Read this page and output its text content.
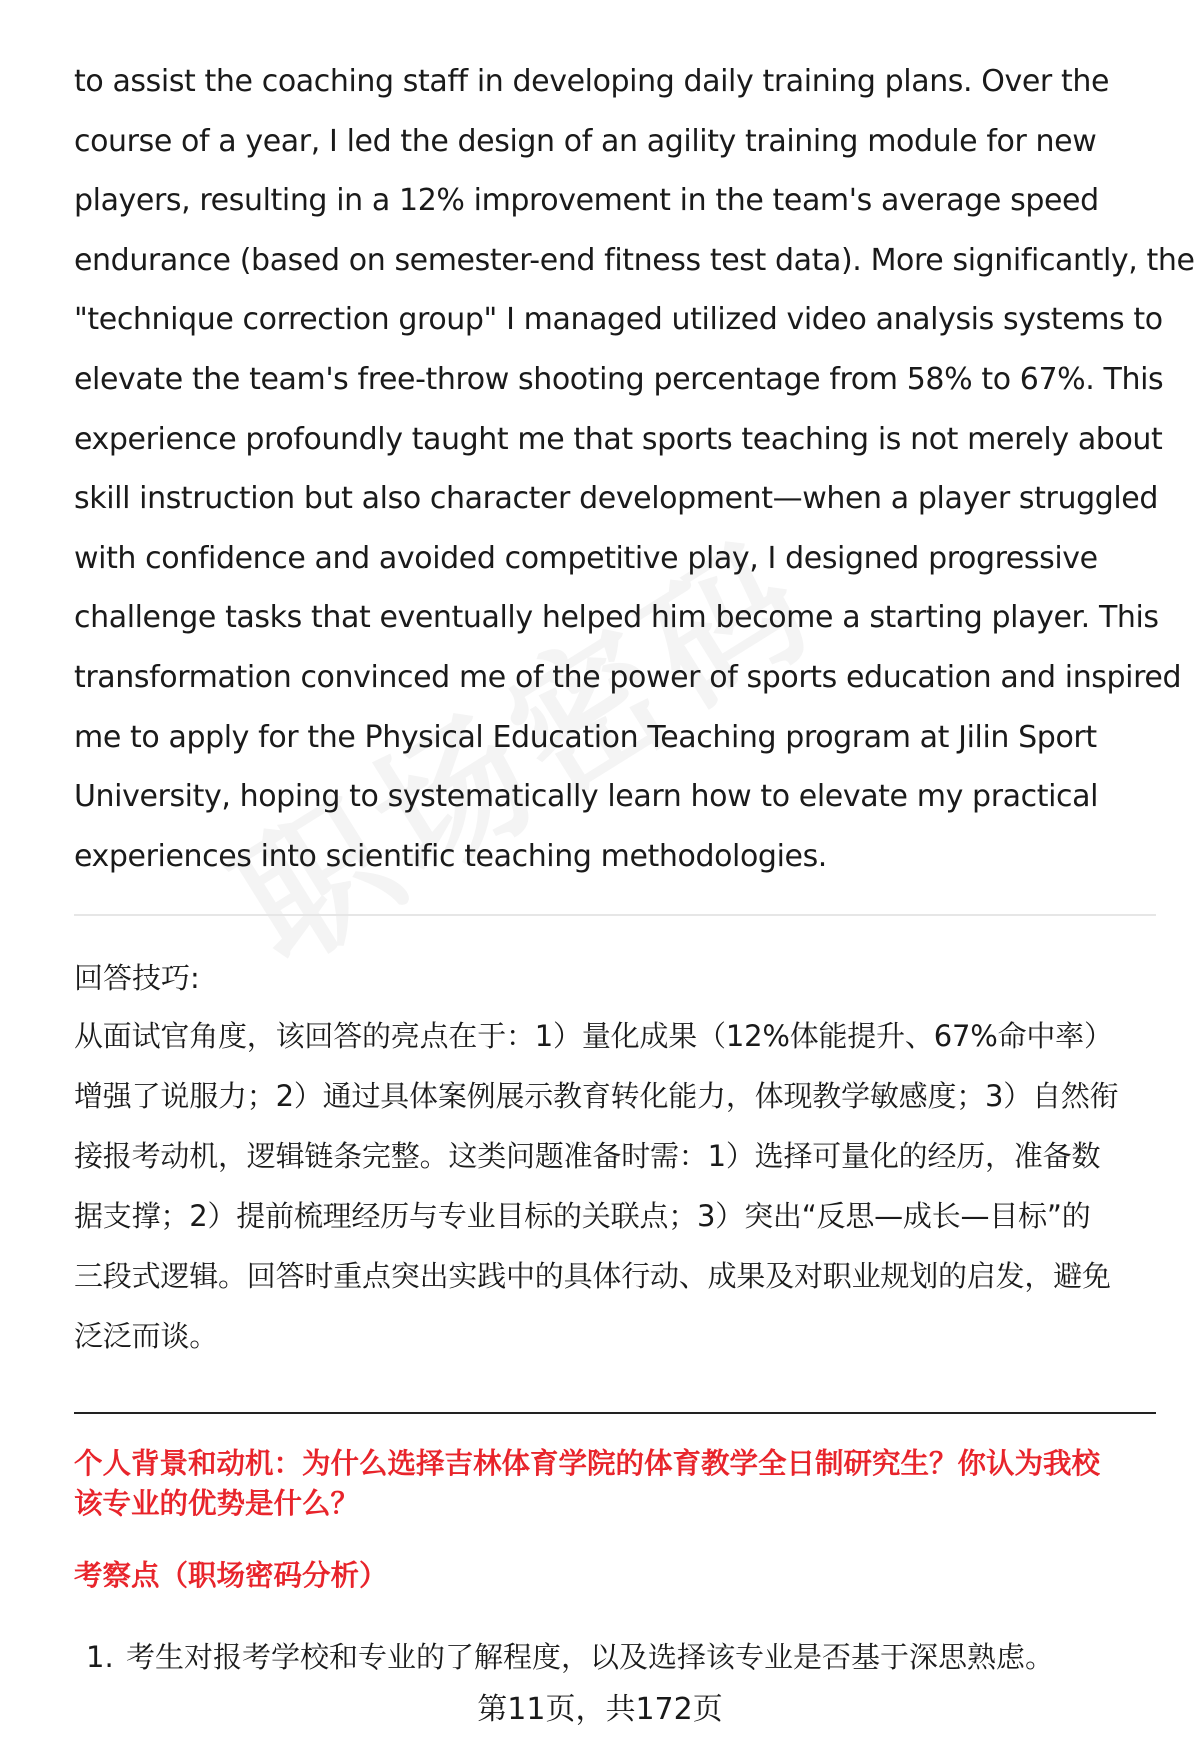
to assist the coaching staff in developing daily training plans. Over the
course of a year, I led the design of an agility training module for new
players, resulting in a 12% improvement in the team's average speed
endurance (based on semester-end fitness test data). More significantly, the
"technique correction group" I managed utilized video analysis systems to
elevate the team's free-throw shooting percentage from 58% to 67%. This
experience profoundly taught me that sports teaching is not merely about
skill instruction but also character development—when a player struggled
with confidence and avoided competitive play, I designed progressive
challenge tasks that eventually helped him become a starting player. This
transformation convinced me of the power of sports education and inspired
me to apply for the Physical Education Teaching program at Jilin Sport
University, hoping to systematically learn how to elevate my practical
experiences into scientific teaching methodologies.

回答技巧:

从面试官角度，该回答的亮点在于：1）量化成果（12%体能提升、67%命中率）
增强了说服力；2）通过具体案例展示教育转化能力，体现教学敏感度；3）自然衔
接报考动机，逻辑链条完整。这类问题准备时需：1）选择可量化的经历，准备数
据支撑；2）提前梳理经历与专业目标的关联点；3）突出“反思—成长—目标”的
三段式逻辑。回答时重点突出实践中的具体行动、成果及对职业规划的启发，避免
泛泛而谈。

个人背景和动机：为什么选择吉林体育学院的体育教学全日制研究生？你认为我校
该专业的优势是什么？
考察点（职场密码分析）

1. 考生对报考学校和专业的了解程度，以及选择该专业是否基于深思熟虑。

第11页，共172页
